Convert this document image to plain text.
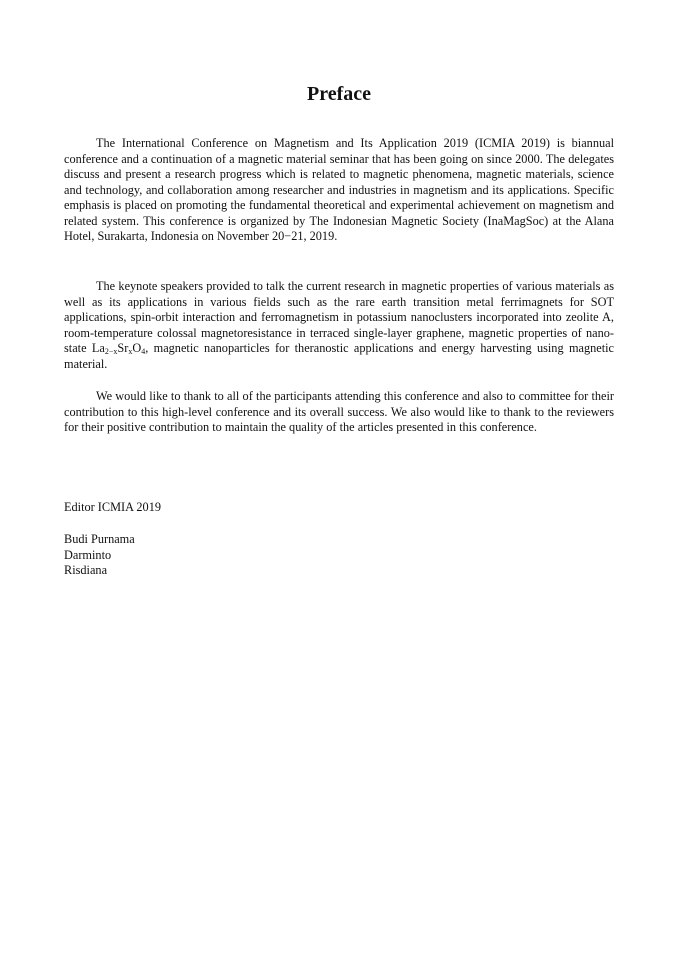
Preface

The International Conference on Magnetism and Its Application 2019 (ICMIA 2019) is biannual conference and a continuation of a magnetic material seminar that has been going on since 2000. The delegates discuss and present a research progress which is related to magnetic phenomena, magnetic materials, science and technology, and collaboration among researcher and industries in magnetism and its applications. Specific emphasis is placed on promoting the fundamental theoretical and experimental achievement on magnetism and related system. This conference is organized by The Indonesian Magnetic Society (InaMagSoc) at the Alana Hotel, Surakarta, Indonesia on November 20−21, 2019.

The keynote speakers provided to talk the current research in magnetic properties of various materials as well as its applications in various fields such as the rare earth transition metal ferrimagnets for SOT applications, spin-orbit interaction and ferromagnetism in potassium nanoclusters incorporated into zeolite A, room-temperature colossal magnetoresistance in terraced single-layer graphene, magnetic properties of nano-state $La_{2-x}Sr_xO_4$, magnetic nanoparticles for theranostic applications and energy harvesting using magnetic material.

We would like to thank to all of the participants attending this conference and also to committee for their contribution to this high-level conference and its overall success. We also would like to thank to the reviewers for their positive contribution to maintain the quality of the articles presented in this conference.

Editor ICMIA 2019

Budi Purnama
Darminto
Risdiana
